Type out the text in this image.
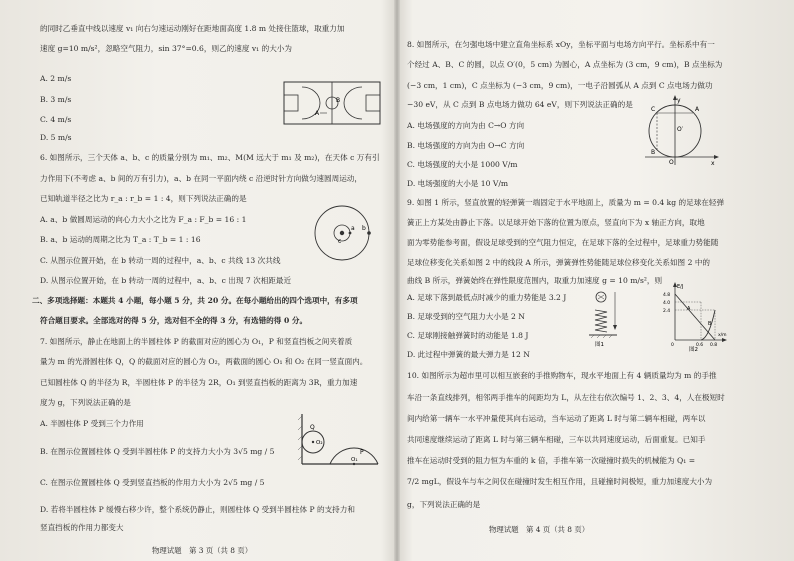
的同时乙垂直中线以速度 v₁ 向右匀速运动刚好在距地面高度 1.8 m 处接住篮球，取重力加
速度 g=10 m/s²，忽略空气阻力，sin 37°=0.6，则乙的速度 v₁ 的大小为
A. 2 m/s
B. 3 m/s
C. 4 m/s
D. 5 m/s
A
B
6. 如图所示，三个天体 a、b、c 的质量分别为 m₁、m₂、M(M 远大于 m₁ 及 m₂)，在天体 c 万有引
力作用下(不考虑 a、b 间的万有引力)，a、b 在同一平面内绕 c 沿逆时针方向做匀速圆周运动，
已知轨道半径之比为 r_a : r_b = 1 : 4，则下列说法正确的是
A. a、b 做圆周运动的向心力大小之比为 F_a : F_b = 16 : 1
B. a、b 运动的周期之比为 T_a : T_b = 1 : 16
C. 从图示位置开始，在 b 转动一周的过程中，a、b、c 共线 13 次共线
D. 从图示位置开始，在 b 转动一周的过程中，a、b、c 出现 7 次相距最近
b
a
c
二、多项选择题：本题共 4 小题，每小题 5 分，共 20 分。在每小题给出的四个选项中，有多项
符合题目要求。全部选对的得 5 分，选对但不全的得 3 分，有选错的得 0 分。
7. 如图所示，静止在地面上的半圆柱体 P 的截面对应的圆心为 O₁，P 和竖直挡板之间夹着质
量为 m 的光滑圆柱体 Q，Q 的截面对应的圆心为 O₂，两截面的圆心 O₁ 和 O₂ 在同一竖直面内。
已知圆柱体 Q 的半径为 R，半圆柱体 P 的半径为 2R，O₁ 到竖直挡板的距离为 3R，重力加速
度为 g，下列说法正确的是
A. 半圆柱体 P 受到三个力作用
B. 在图示位置圆柱体 Q 受到半圆柱体 P 的支持力大小为 3√5 mg / 5
C. 在图示位置圆柱体 Q 受到竖直挡板的作用力大小为 2√5 mg / 5
D. 若将半圆柱体 P 缓慢右移少许，整个系统仍静止，则圆柱体 Q 受到半圆柱体 P 的支持力和
竖直挡板的作用力都变大
Q
O₂
O₁
P
物理试题　第 3 页（共 8 页）
8. 如图所示，在匀强电场中建立直角坐标系 xOy，坐标平面与电场方向平行。坐标系中有一
个经过 A、B、C 的圆，以点 O′(0，5 cm) 为圆心，A 点坐标为 (3 cm，9 cm)，B 点坐标为
(−3 cm，1 cm)，C 点坐标为 (−3 cm，9 cm)，一电子沿圆弧从 A 点到 C 点电场力做功
−30 eV，从 C 点到 B 点电场力做功 64 eV，则下列说法正确的是
A. 电场强度的方向为由 C→O 方向
B. 电场强度的方向为由 O→C 方向
C. 电场强度的大小是 1000 V/m
D. 电场强度的大小是 10 V/m
y
C	A
O′
B
O	x
9. 如图 1 所示，竖直放置的轻弹簧一端固定于水平地面上，质量为 m = 0.4 kg 的足球在轻弹
簧正上方某处由静止下落。以足球开始下落的位置为原点，竖直向下为 x 轴正方向，取地
面为零势能参考面，假设足球受到的空气阻力恒定，在足球下落的全过程中，足球重力势能随
足球位移变化关系如图 2 中的线段 A 所示，弹簧弹性势能随足球位移变化关系如图 2 中的
曲线 B 所示，弹簧始终在弹性限度范围内，取重力加速度 g = 10 m/s²，则
A. 足球下落到最低点时减少的重力势能是 3.2 J
B. 足球受到的空气阻力大小是 2 N
C. 足球刚接触弹簧时的动能是 1.8 J
D. 此过程中弹簧的最大弹力是 12 N
图1
E/J
4.8
4.0
2.4
0	0.6 0.8
x/m
A
B
图2
10. 如图所示为超市里可以相互嵌套的手推购物车，现水平地面上有 4 辆质量均为 m 的手推
车沿一条直线排列，相邻两手推车的间距均为 L，从左往右依次编号 1、2、3、4，人在极短时
间内给第一辆车一水平冲量使其向右运动，当车运动了距离 L 时与第二辆车相碰，两车以
共同速度继续运动了距离 L 时与第三辆车相碰，三车以共同速度运动，后面重复。已知手
推车在运动时受到的阻力恒为车重的 k 倍，手推车第一次碰撞时损失的机械能为 Q₁ =
7/2 mgL，假设车与车之间仅在碰撞时发生相互作用，且碰撞时间极短，重力加速度大小为
g，下列说法正确的是
物理试题　第 4 页（共 8 页）
